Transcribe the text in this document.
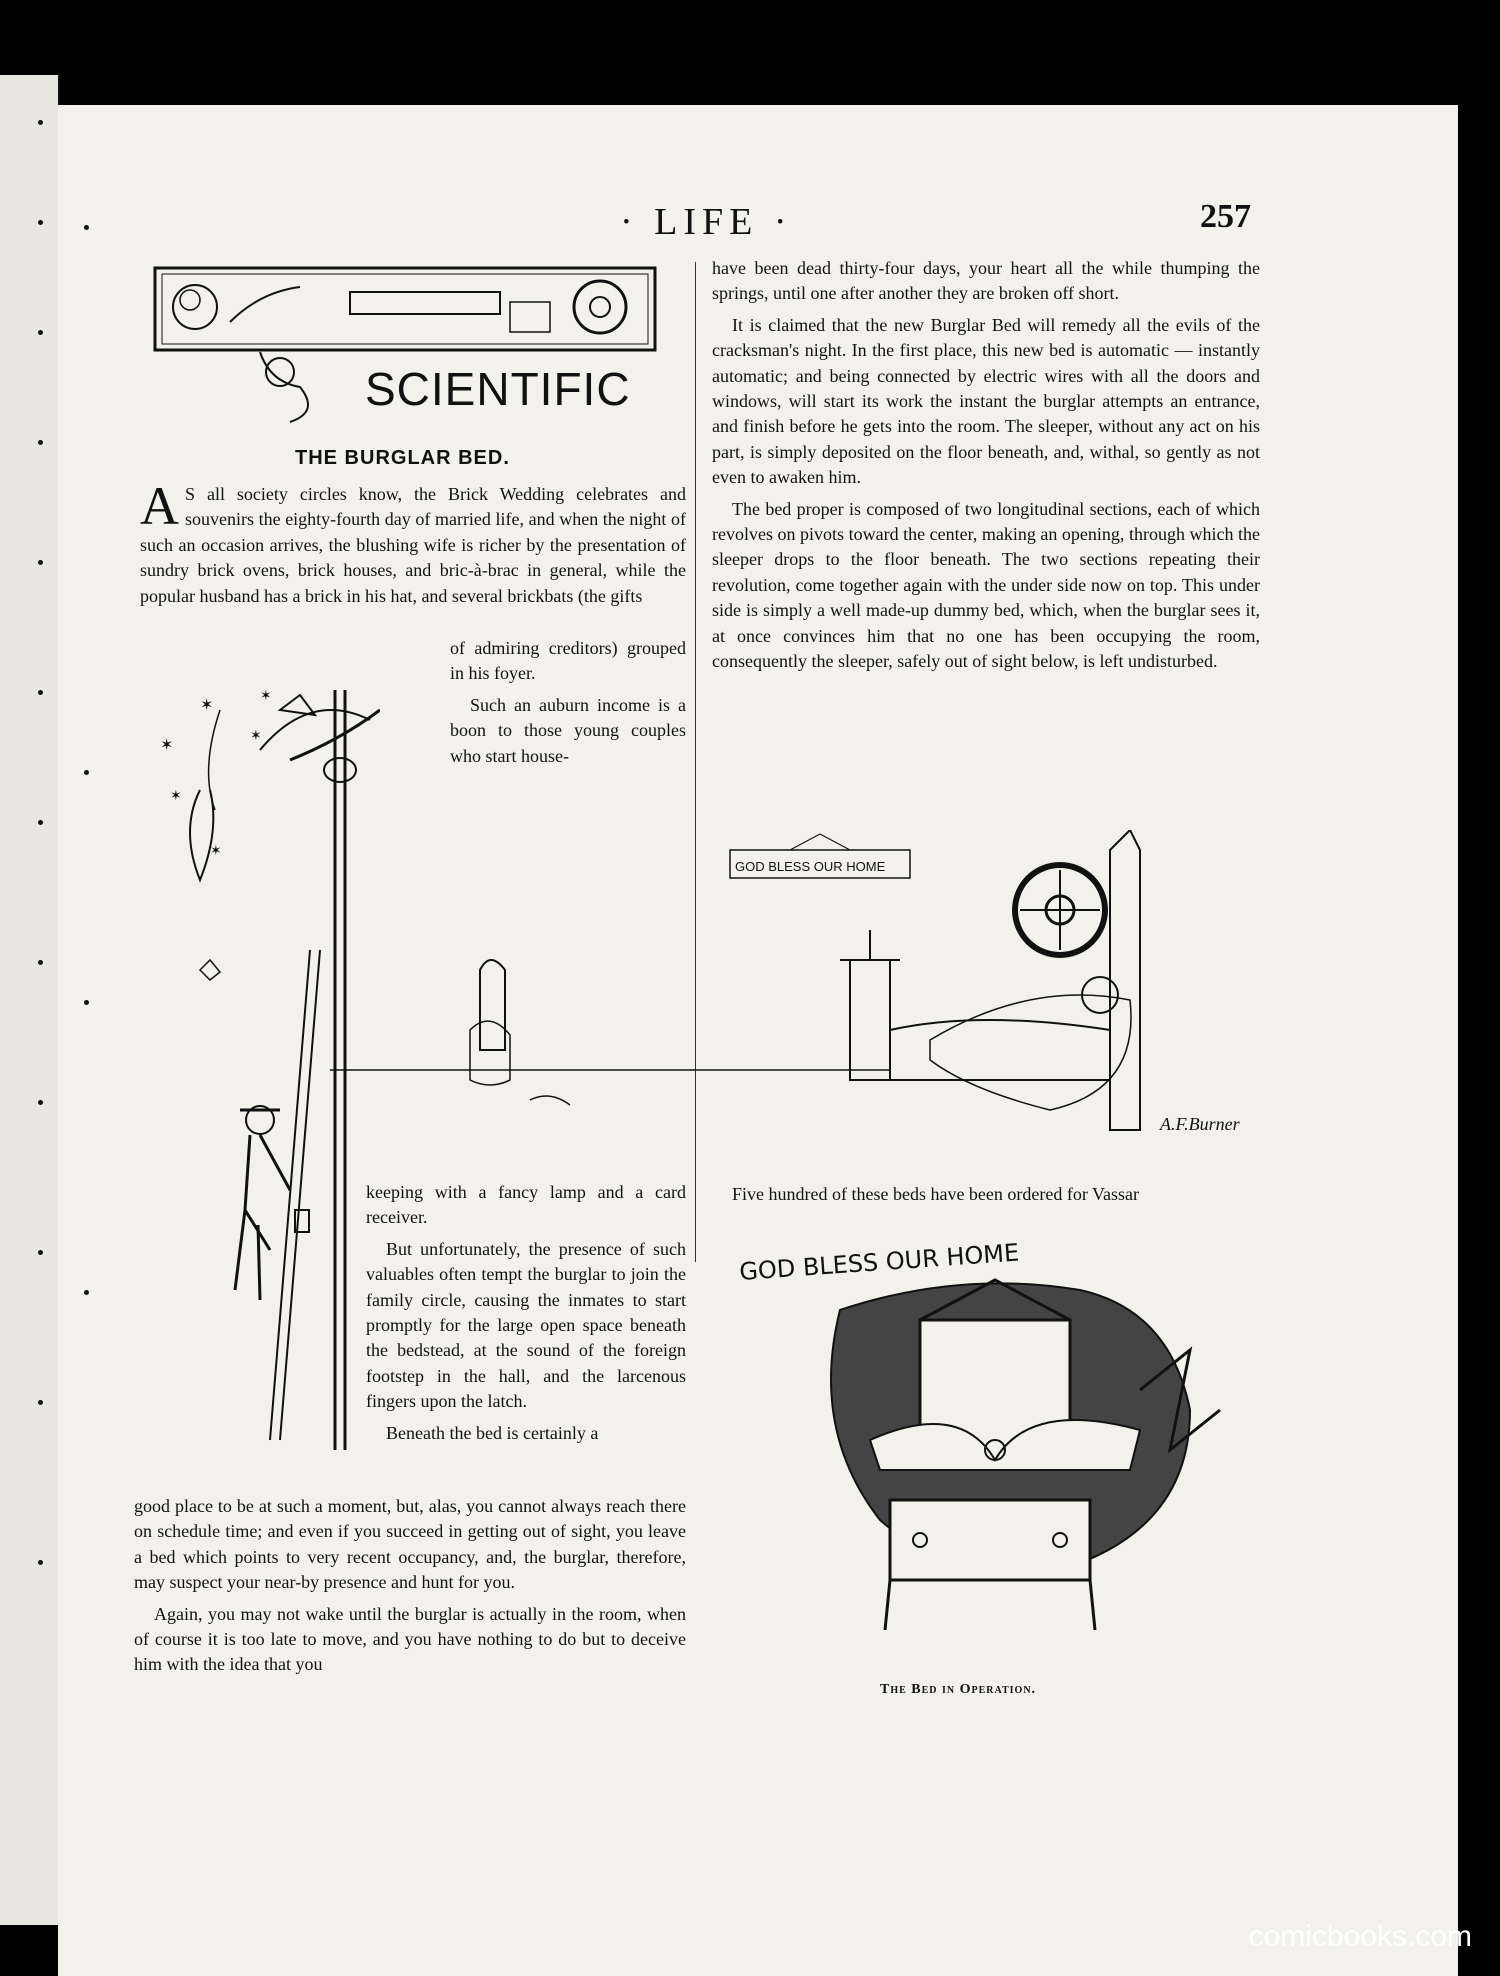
· LIFE ·	257
SCIENTIFIC
THE BURGLAR BED.

A S all society circles know, the Brick Wedding celebrates and souvenirs the eighty-fourth day of married life, and when the night of such an occasion arrives, the blushing wife is richer by the presentation of sundry brick ovens, brick houses, and bric-à-brac in general, while the popular husband has a brick in his hat, and several brickbats (the gifts

of admiring creditors) grouped in his foyer.

Such an auburn income is a boon to those young couples who start house-

keeping with a fancy lamp and a card receiver.

But unfortunately, the presence of such valuables often tempt the burglar to join the family circle, causing the inmates to start promptly for the large open space beneath the bedstead, at the sound of the foreign footstep in the hall, and the larcenous fingers upon the latch.

Beneath the bed is certainly a

good place to be at such a moment, but, alas, you cannot always reach there on schedule time; and even if you succeed in getting out of sight, you leave a bed which points to very recent occupancy, and, the burglar, therefore, may suspect your near-by presence and hunt for you.

Again, you may not wake until the burglar is actually in the room, when of course it is too late to move, and you have nothing to do but to deceive him with the idea that you

have been dead thirty-four days, your heart all the while thumping the springs, until one after another they are broken off short.

It is claimed that the new Burglar Bed will remedy all the evils of the cracksman's night. In the first place, this new bed is automatic — instantly automatic; and being connected by electric wires with all the doors and windows, will start its work the instant the burglar attempts an entrance, and finish before he gets into the room. The sleeper, without any act on his part, is simply deposited on the floor beneath, and, withal, so gently as not even to awaken him.

The bed proper is composed of two longitudinal sections, each of which revolves on pivots toward the center, making an opening, through which the sleeper drops to the floor beneath. The two sections repeating their revolution, come together again with the under side now on top. This under side is simply a well made-up dummy bed, which, when the burglar sees it, at once convinces him that no one has been occupying the room, consequently the sleeper, safely out of sight below, is left undisturbed.

Five hundred of these beds have been ordered for Vassar

✶
✶
✶
✶
✶
✶
GOD BLESS OUR HOME
A.F.Burner
GOD BLESS OUR HOME
The Bed in Operation.
comicbooks.com
